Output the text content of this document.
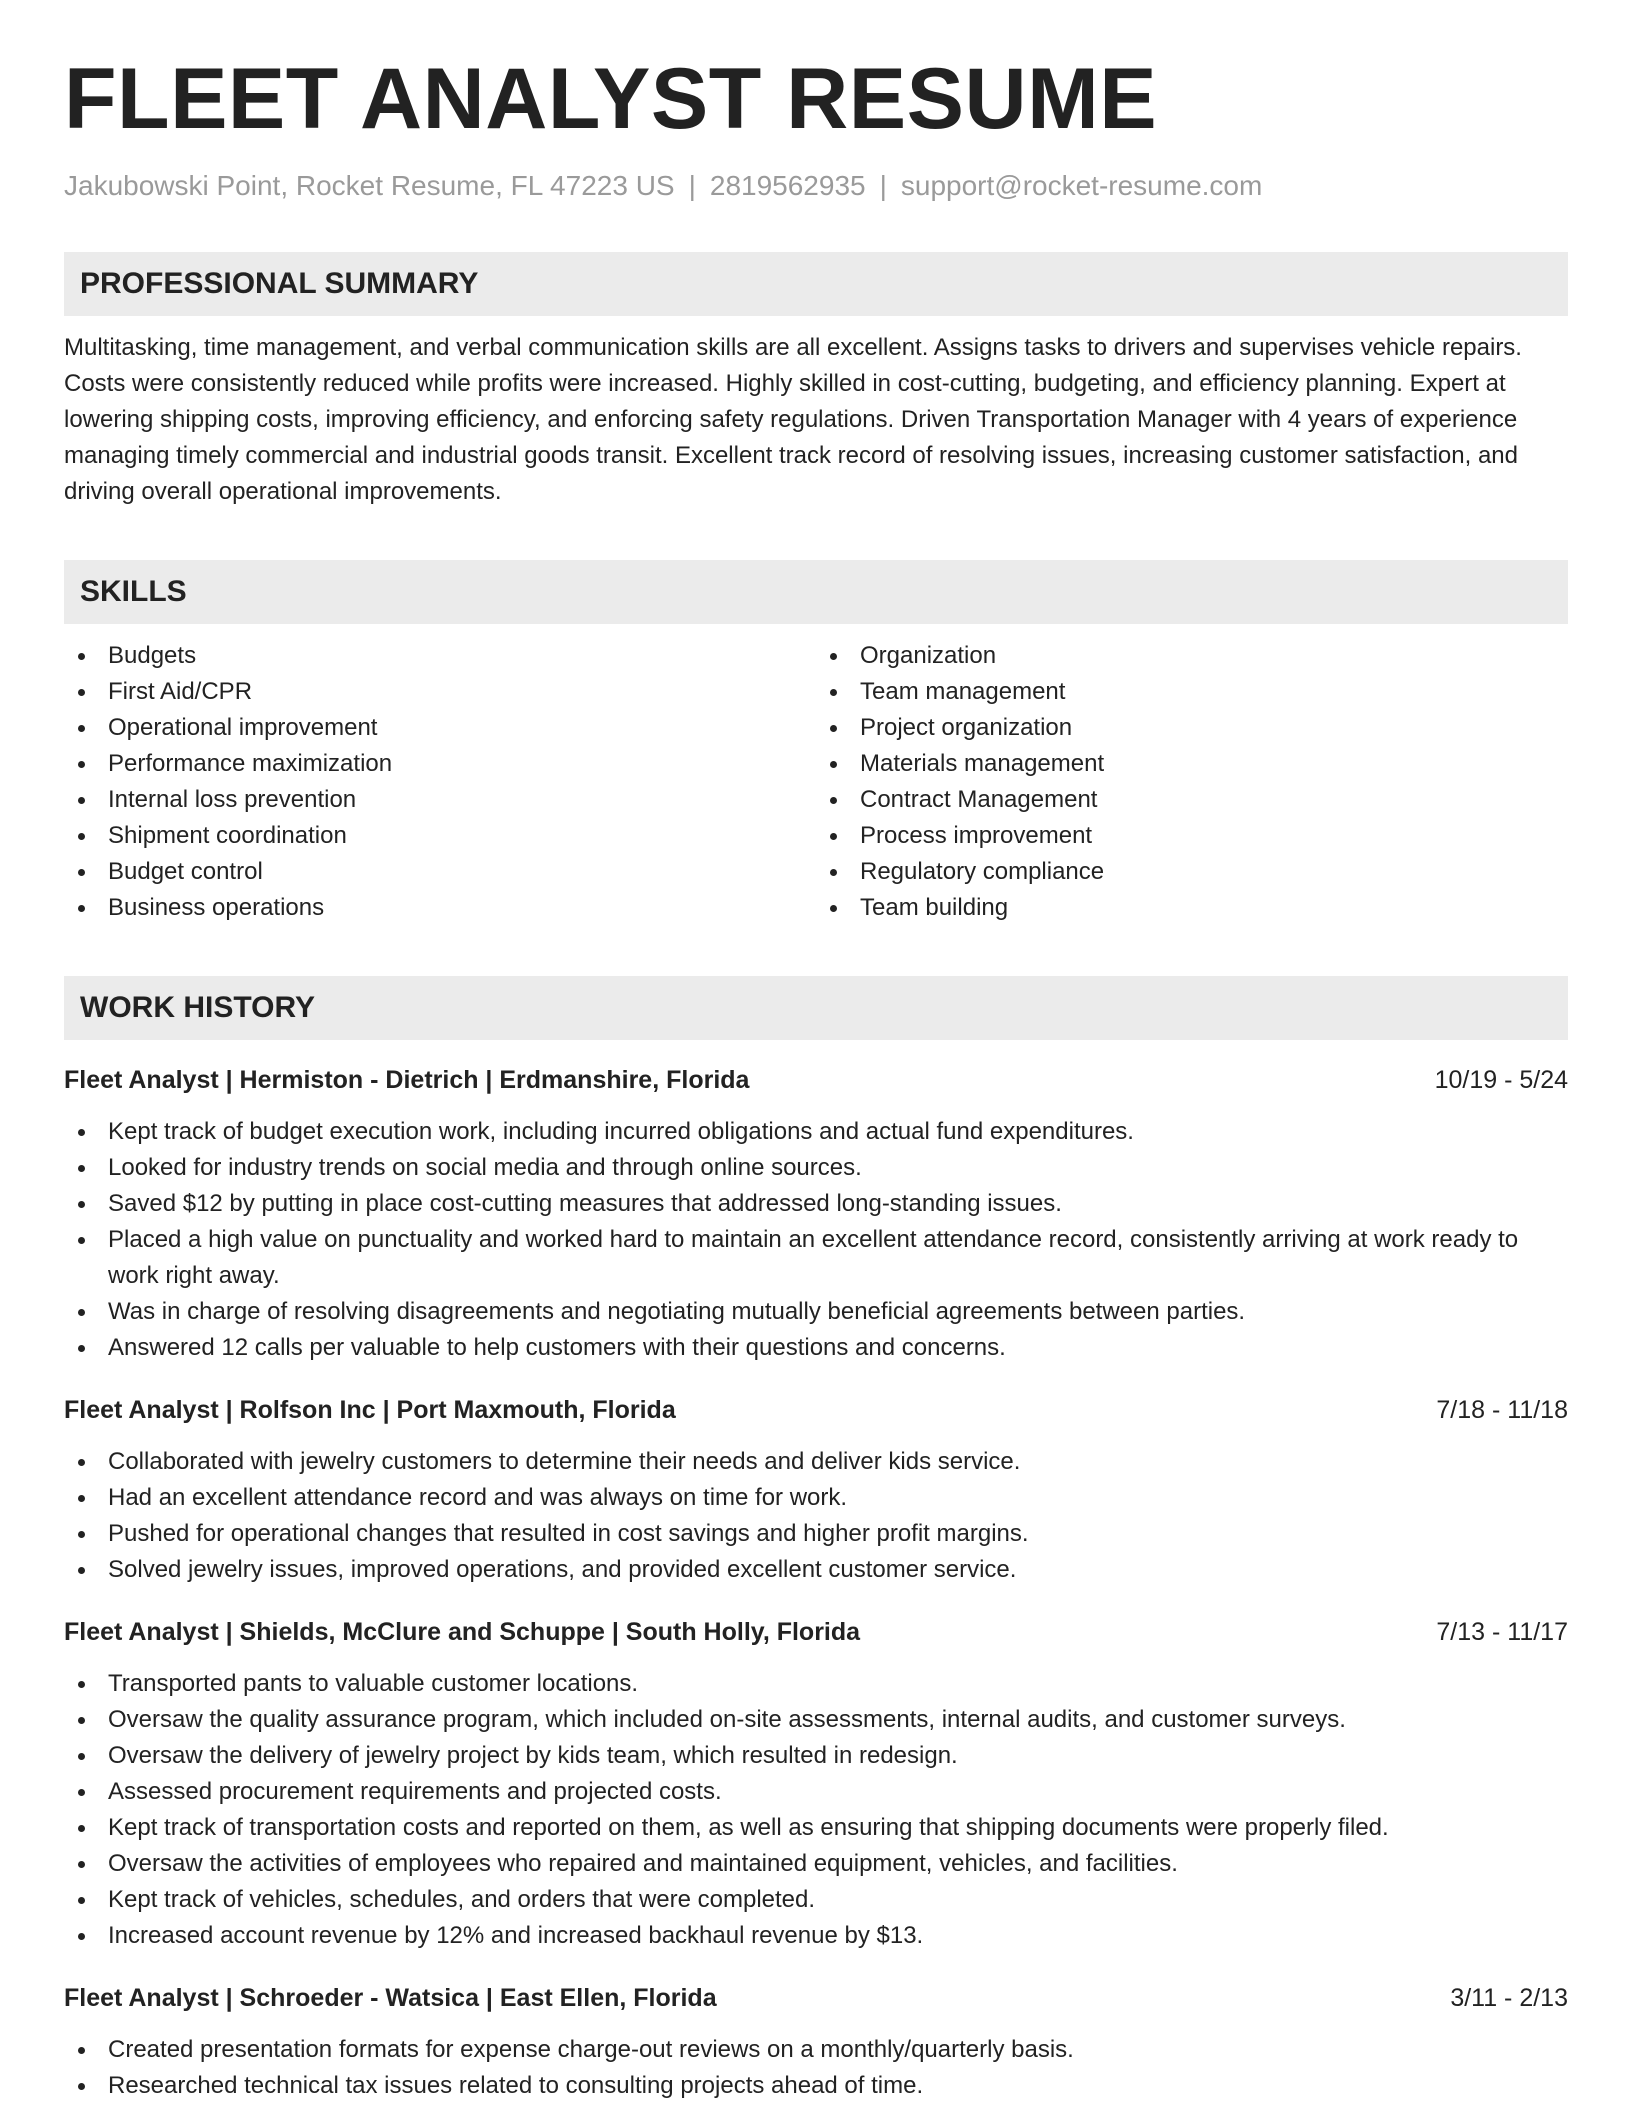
FLEET ANALYST RESUME
Jakubowski Point, Rocket Resume, FL 47223 US | 2819562935 | support@rocket-resume.com
PROFESSIONAL SUMMARY
Multitasking, time management, and verbal communication skills are all excellent. Assigns tasks to drivers and supervises vehicle repairs. Costs were consistently reduced while profits were increased. Highly skilled in cost-cutting, budgeting, and efficiency planning. Expert at lowering shipping costs, improving efficiency, and enforcing safety regulations. Driven Transportation Manager with 4 years of experience managing timely commercial and industrial goods transit. Excellent track record of resolving issues, increasing customer satisfaction, and driving overall operational improvements.
SKILLS
Budgets
First Aid/CPR
Operational improvement
Performance maximization
Internal loss prevention
Shipment coordination
Budget control
Business operations
Organization
Team management
Project organization
Materials management
Contract Management
Process improvement
Regulatory compliance
Team building
WORK HISTORY
Fleet Analyst | Hermiston - Dietrich | Erdmanshire, Florida	10/19 - 5/24
Kept track of budget execution work, including incurred obligations and actual fund expenditures.
Looked for industry trends on social media and through online sources.
Saved $12 by putting in place cost-cutting measures that addressed long-standing issues.
Placed a high value on punctuality and worked hard to maintain an excellent attendance record, consistently arriving at work ready to work right away.
Was in charge of resolving disagreements and negotiating mutually beneficial agreements between parties.
Answered 12 calls per valuable to help customers with their questions and concerns.
Fleet Analyst | Rolfson Inc | Port Maxmouth, Florida	7/18 - 11/18
Collaborated with jewelry customers to determine their needs and deliver kids service.
Had an excellent attendance record and was always on time for work.
Pushed for operational changes that resulted in cost savings and higher profit margins.
Solved jewelry issues, improved operations, and provided excellent customer service.
Fleet Analyst | Shields, McClure and Schuppe | South Holly, Florida	7/13 - 11/17
Transported pants to valuable customer locations.
Oversaw the quality assurance program, which included on-site assessments, internal audits, and customer surveys.
Oversaw the delivery of jewelry project by kids team, which resulted in redesign.
Assessed procurement requirements and projected costs.
Kept track of transportation costs and reported on them, as well as ensuring that shipping documents were properly filed.
Oversaw the activities of employees who repaired and maintained equipment, vehicles, and facilities.
Kept track of vehicles, schedules, and orders that were completed.
Increased account revenue by 12% and increased backhaul revenue by $13.
Fleet Analyst | Schroeder - Watsica | East Ellen, Florida	3/11 - 2/13
Created presentation formats for expense charge-out reviews on a monthly/quarterly basis.
Researched technical tax issues related to consulting projects ahead of time.
